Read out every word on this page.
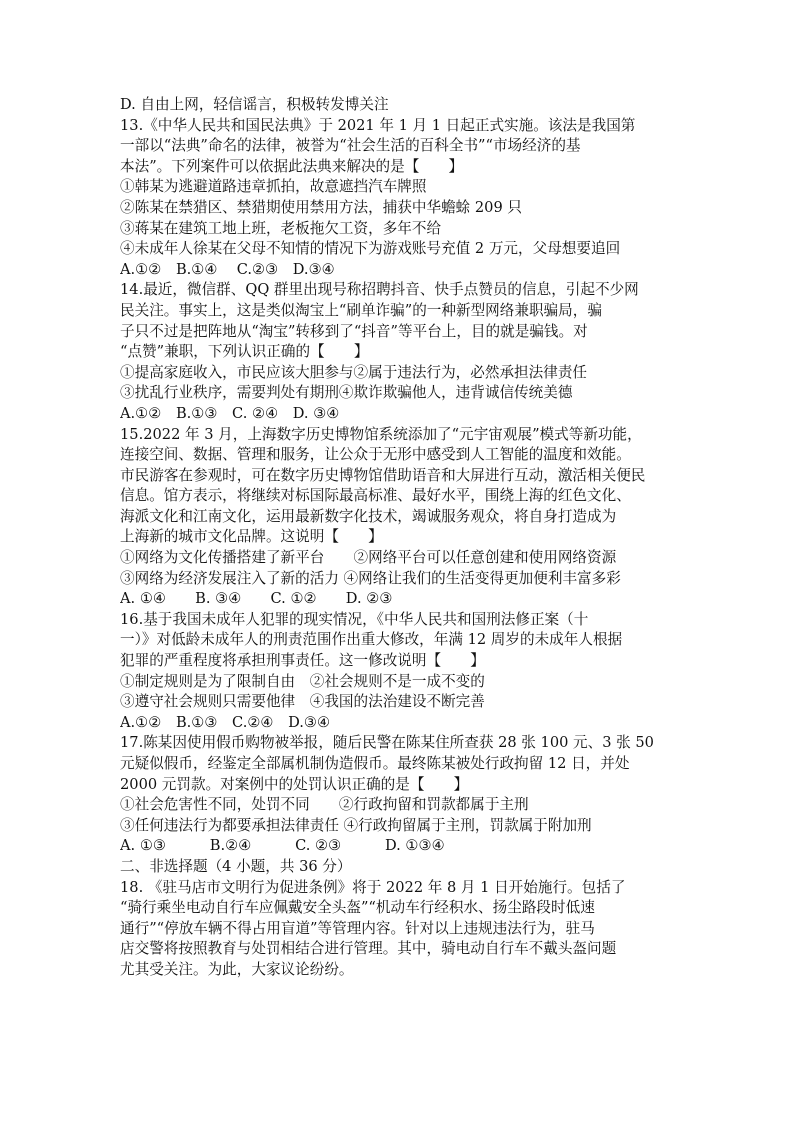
D. 自由上网，轻信谣言，积极转发博关注
13.《中华人民共和国民法典》于 2021 年 1 月 1 日起正式实施。该法是我国第
一部以“法典”命名的法律，被誉为“社会生活的百科全书”“市场经济的基
本法”。下列案件可以依据此法典来解决的是【　　】
①韩某为逃避道路违章抓拍，故意遮挡汽车牌照
②陈某在禁猎区、禁猎期使用禁用方法，捕获中华蟾蜍 209 只
③蒋某在建筑工地上班，老板拖欠工资，多年不给
④未成年人徐某在父母不知情的情况下为游戏账号充值 2 万元，父母想要追回
A.①②　B.①④　 C.②③　D.③④
14.最近，微信群、QQ 群里出现号称招聘抖音、快手点赞员的信息，引起不少网
民关注。事实上，这是类似淘宝上“刷单诈骗”的一种新型网络兼职骗局，骗
子只不过是把阵地从“淘宝”转移到了“抖音”等平台上，目的就是骗钱。对
“点赞”兼职，下列认识正确的【　　】
①提高家庭收入，市民应该大胆参与②属于违法行为，必然承担法律责任
③扰乱行业秩序，需要判处有期刑④欺诈欺骗他人，违背诚信传统美德
A.①②　B.①③　C. ②④　D. ③④
15.2022 年 3 月，上海数字历史博物馆系统添加了“元宇宙观展”模式等新功能，
连接空间、数据、管理和服务，让公众于无形中感受到人工智能的温度和效能。
市民游客在参观时，可在数字历史博物馆借助语音和大屏进行互动，激活相关便民
信息。馆方表示，将继续对标国际最高标准、最好水平，围绕上海的红色文化、
海派文化和江南文化，运用最新数字化技术，竭诚服务观众，将自身打造成为
上海新的城市文化品牌。这说明【　　】
①网络为文化传播搭建了新平台　　②网络平台可以任意创建和使用网络资源
③网络为经济发展注入了新的活力 ④网络让我们的生活变得更加便利丰富多彩
A. ①④　　B. ③④　　C. ①②　　D. ②③
16.基于我国未成年人犯罪的现实情况，《中华人民共和国刑法修正案（十
一）》对低龄未成年人的刑责范围作出重大修改，年满 12 周岁的未成年人根据
犯罪的严重程度将承担刑事责任。这一修改说明【　　】
①制定规则是为了限制自由　②社会规则不是一成不变的
③遵守社会规则只需要他律　④我国的法治建设不断完善
A.①②　B.①③　C.②④　D.③④
17.陈某因使用假币购物被举报，随后民警在陈某住所查获 28 张 100 元、3 张 50
元疑似假币，经鉴定全部属机制伪造假币。最终陈某被处行政拘留 12 日，并处
2000 元罚款。对案例中的处罚认识正确的是【　　】
①社会危害性不同，处罚不同　　②行政拘留和罚款都属于主刑
③任何违法行为都要承担法律责任 ④行政拘留属于主刑，罚款属于附加刑
A. ①③　　　B.②④　　　C. ②③　　　D. ①③④
二、非选择题（4 小题，共 36 分）
18. 《驻马店市文明行为促进条例》将于 2022 年 8 月 1 日开始施行。包括了
“骑行乘坐电动自行车应佩戴安全头盔”“机动车行经积水、扬尘路段时低速
通行”“停放车辆不得占用盲道”等管理内容。针对以上违规违法行为，驻马
店交警将按照教育与处罚相结合进行管理。其中，骑电动自行车不戴头盔问题
尤其受关注。为此，大家议论纷纷。
